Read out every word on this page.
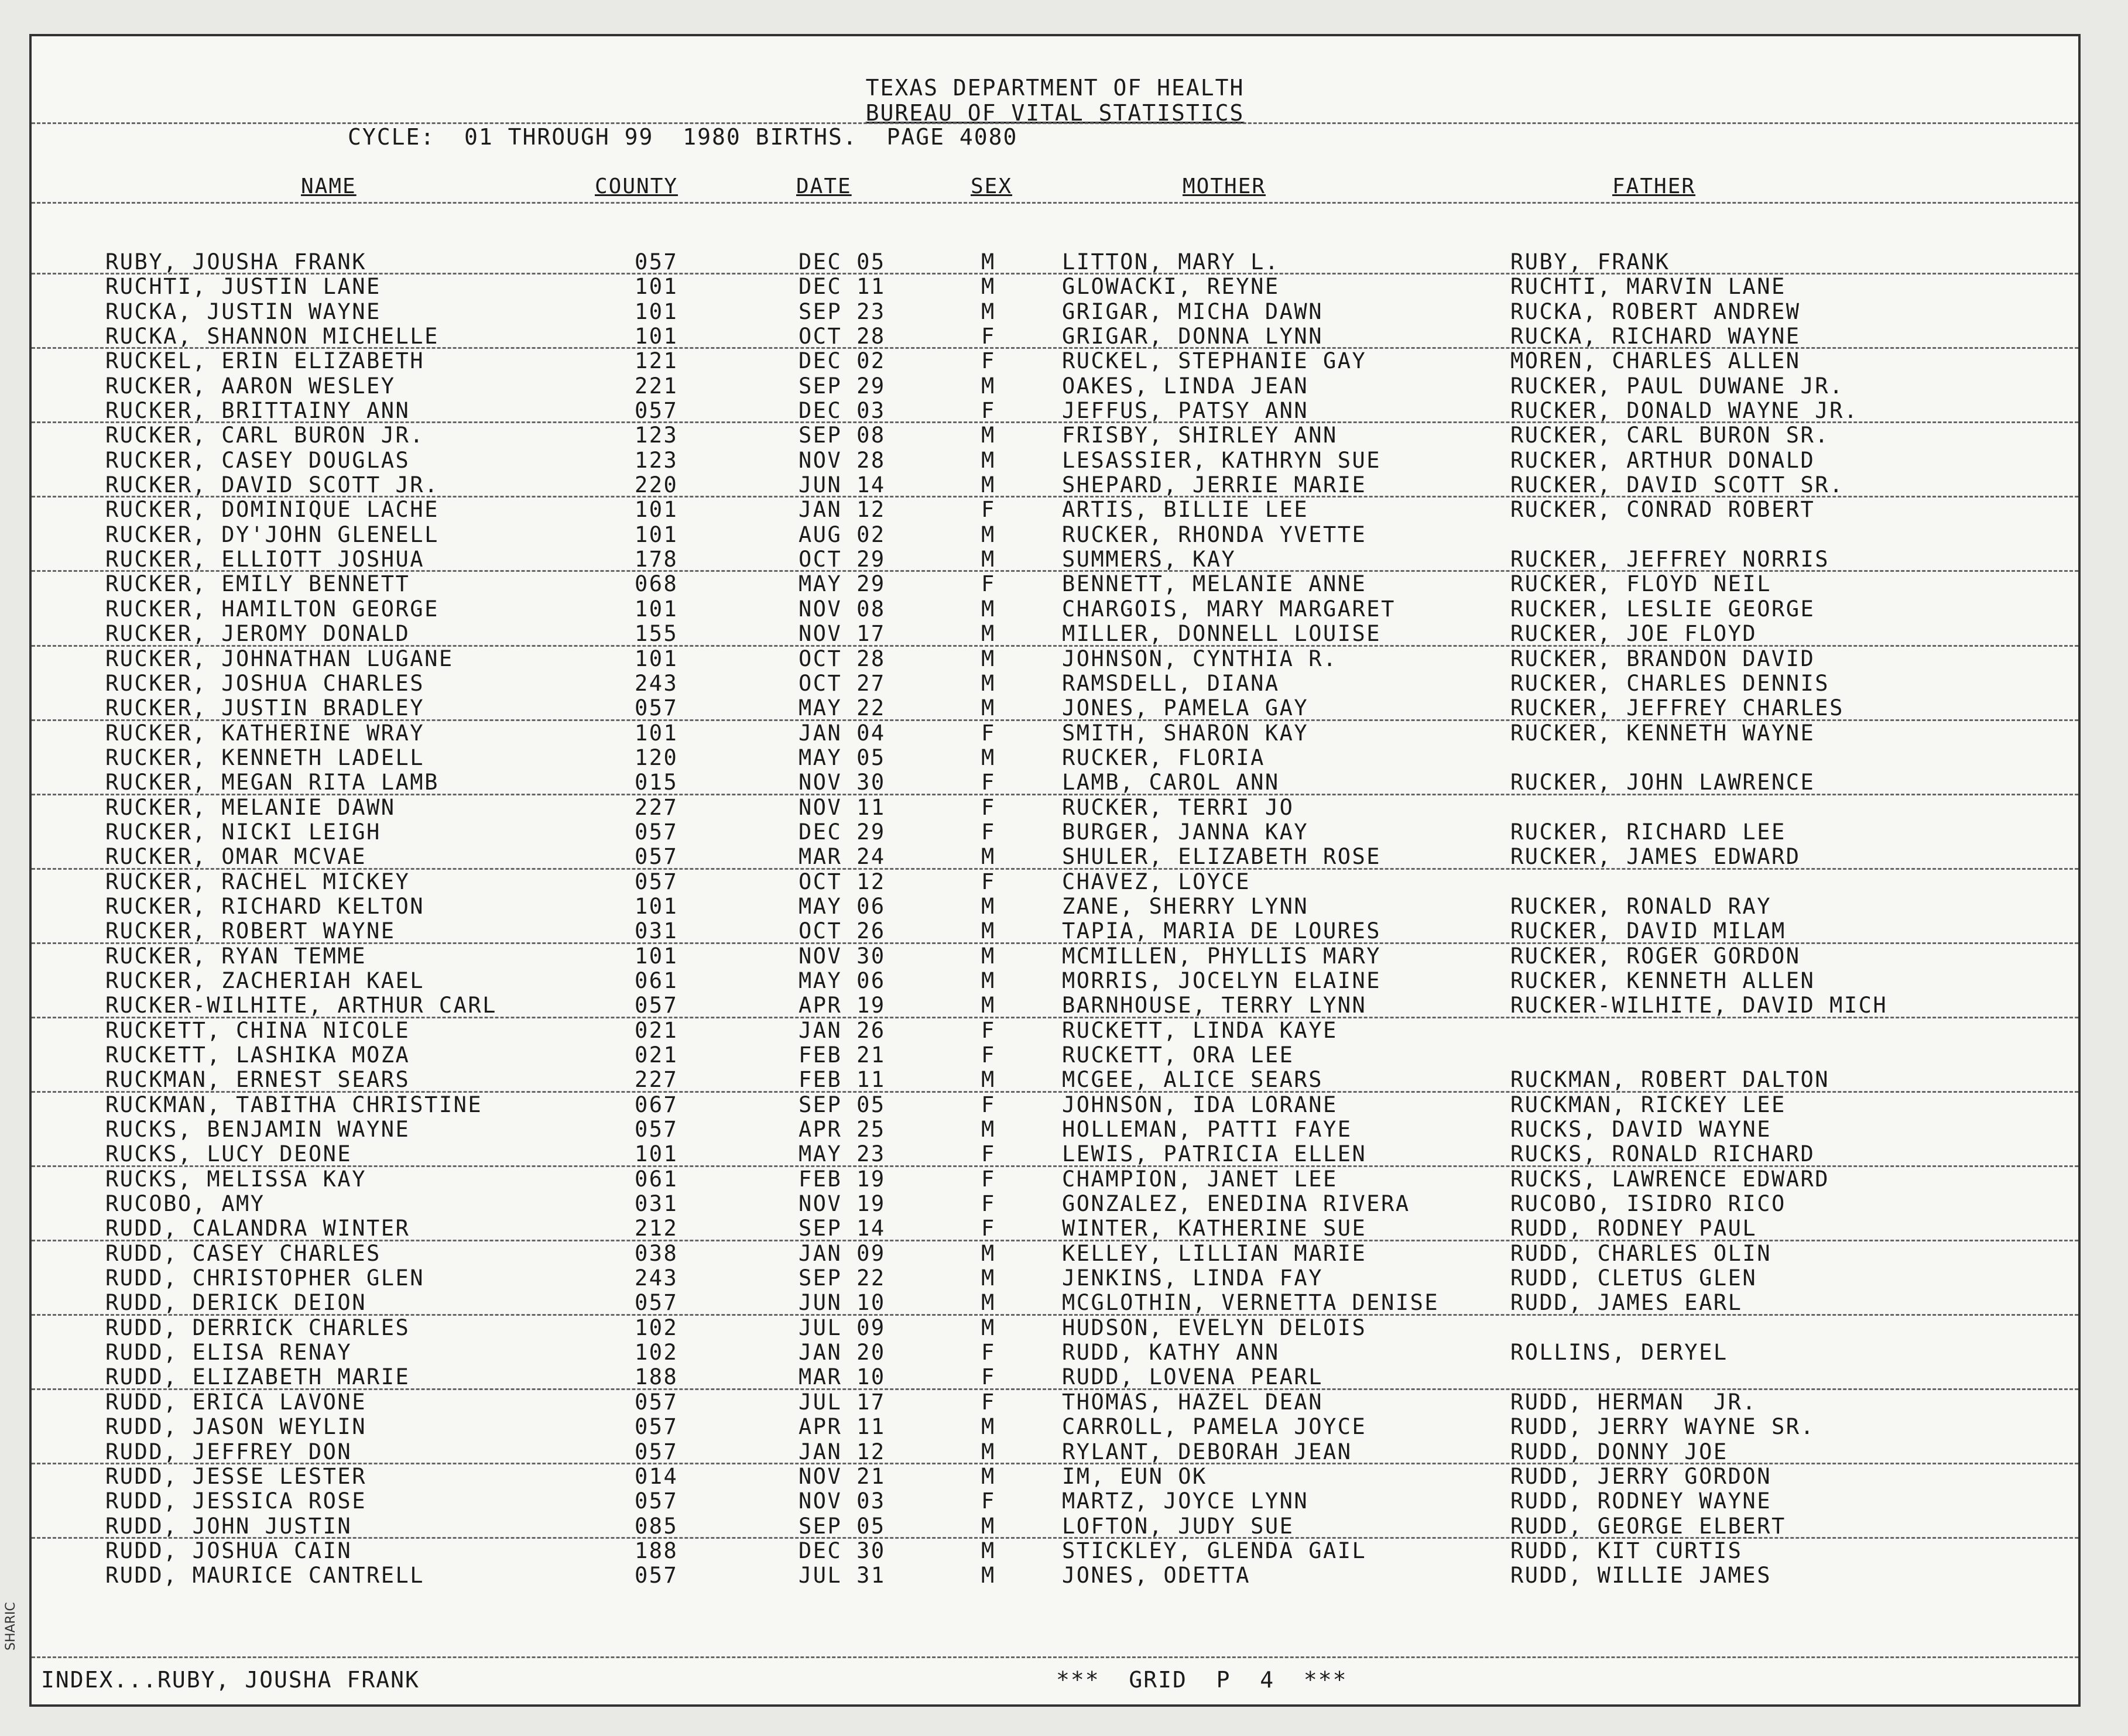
TEXAS DEPARTMENT OF HEALTH
BUREAU OF VITAL STATISTICS
CYCLE:  01 THROUGH 99  1980 BIRTHS.  PAGE 4080
NAME	COUNTY	DATE	SEX	MOTHER	FATHER
RUBY, JOUSHA FRANK	057	DEC 05	M	LITTON, MARY L.	RUBY, FRANK
RUCHTI, JUSTIN LANE	101	DEC 11	M	GLOWACKI, REYNE	RUCHTI, MARVIN LANE
RUCKA, JUSTIN WAYNE	101	SEP 23	M	GRIGAR, MICHA DAWN	RUCKA, ROBERT ANDREW
RUCKA, SHANNON MICHELLE	101	OCT 28	F	GRIGAR, DONNA LYNN	RUCKA, RICHARD WAYNE
RUCKEL, ERIN ELIZABETH	121	DEC 02	F	RUCKEL, STEPHANIE GAY	MOREN, CHARLES ALLEN
RUCKER, AARON WESLEY	221	SEP 29	M	OAKES, LINDA JEAN	RUCKER, PAUL DUWANE JR.
RUCKER, BRITTAINY ANN	057	DEC 03	F	JEFFUS, PATSY ANN	RUCKER, DONALD WAYNE JR.
RUCKER, CARL BURON JR.	123	SEP 08	M	FRISBY, SHIRLEY ANN	RUCKER, CARL BURON SR.
RUCKER, CASEY DOUGLAS	123	NOV 28	M	LESASSIER, KATHRYN SUE	RUCKER, ARTHUR DONALD
RUCKER, DAVID SCOTT JR.	220	JUN 14	M	SHEPARD, JERRIE MARIE	RUCKER, DAVID SCOTT SR.
RUCKER, DOMINIQUE LACHE	101	JAN 12	F	ARTIS, BILLIE LEE	RUCKER, CONRAD ROBERT
RUCKER, DY'JOHN GLENELL	101	AUG 02	M	RUCKER, RHONDA YVETTE
RUCKER, ELLIOTT JOSHUA	178	OCT 29	M	SUMMERS, KAY	RUCKER, JEFFREY NORRIS
RUCKER, EMILY BENNETT	068	MAY 29	F	BENNETT, MELANIE ANNE	RUCKER, FLOYD NEIL
RUCKER, HAMILTON GEORGE	101	NOV 08	M	CHARGOIS, MARY MARGARET	RUCKER, LESLIE GEORGE
RUCKER, JEROMY DONALD	155	NOV 17	M	MILLER, DONNELL LOUISE	RUCKER, JOE FLOYD
RUCKER, JOHNATHAN LUGANE	101	OCT 28	M	JOHNSON, CYNTHIA R.	RUCKER, BRANDON DAVID
RUCKER, JOSHUA CHARLES	243	OCT 27	M	RAMSDELL, DIANA	RUCKER, CHARLES DENNIS
RUCKER, JUSTIN BRADLEY	057	MAY 22	M	JONES, PAMELA GAY	RUCKER, JEFFREY CHARLES
RUCKER, KATHERINE WRAY	101	JAN 04	F	SMITH, SHARON KAY	RUCKER, KENNETH WAYNE
RUCKER, KENNETH LADELL	120	MAY 05	M	RUCKER, FLORIA
RUCKER, MEGAN RITA LAMB	015	NOV 30	F	LAMB, CAROL ANN	RUCKER, JOHN LAWRENCE
RUCKER, MELANIE DAWN	227	NOV 11	F	RUCKER, TERRI JO
RUCKER, NICKI LEIGH	057	DEC 29	F	BURGER, JANNA KAY	RUCKER, RICHARD LEE
RUCKER, OMAR MCVAE	057	MAR 24	M	SHULER, ELIZABETH ROSE	RUCKER, JAMES EDWARD
RUCKER, RACHEL MICKEY	057	OCT 12	F	CHAVEZ, LOYCE
RUCKER, RICHARD KELTON	101	MAY 06	M	ZANE, SHERRY LYNN	RUCKER, RONALD RAY
RUCKER, ROBERT WAYNE	031	OCT 26	M	TAPIA, MARIA DE LOURES	RUCKER, DAVID MILAM
RUCKER, RYAN TEMME	101	NOV 30	M	MCMILLEN, PHYLLIS MARY	RUCKER, ROGER GORDON
RUCKER, ZACHERIAH KAEL	061	MAY 06	M	MORRIS, JOCELYN ELAINE	RUCKER, KENNETH ALLEN
RUCKER-WILHITE, ARTHUR CARL	057	APR 19	M	BARNHOUSE, TERRY LYNN	RUCKER-WILHITE, DAVID MICH
RUCKETT, CHINA NICOLE	021	JAN 26	F	RUCKETT, LINDA KAYE
RUCKETT, LASHIKA MOZA	021	FEB 21	F	RUCKETT, ORA LEE
RUCKMAN, ERNEST SEARS	227	FEB 11	M	MCGEE, ALICE SEARS	RUCKMAN, ROBERT DALTON
RUCKMAN, TABITHA CHRISTINE	067	SEP 05	F	JOHNSON, IDA LORANE	RUCKMAN, RICKEY LEE
RUCKS, BENJAMIN WAYNE	057	APR 25	M	HOLLEMAN, PATTI FAYE	RUCKS, DAVID WAYNE
RUCKS, LUCY DEONE	101	MAY 23	F	LEWIS, PATRICIA ELLEN	RUCKS, RONALD RICHARD
RUCKS, MELISSA KAY	061	FEB 19	F	CHAMPION, JANET LEE	RUCKS, LAWRENCE EDWARD
RUCOBO, AMY	031	NOV 19	F	GONZALEZ, ENEDINA RIVERA	RUCOBO, ISIDRO RICO
RUDD, CALANDRA WINTER	212	SEP 14	F	WINTER, KATHERINE SUE	RUDD, RODNEY PAUL
RUDD, CASEY CHARLES	038	JAN 09	M	KELLEY, LILLIAN MARIE	RUDD, CHARLES OLIN
RUDD, CHRISTOPHER GLEN	243	SEP 22	M	JENKINS, LINDA FAY	RUDD, CLETUS GLEN
RUDD, DERICK DEION	057	JUN 10	M	MCGLOTHIN, VERNETTA DENISE	RUDD, JAMES EARL
RUDD, DERRICK CHARLES	102	JUL 09	M	HUDSON, EVELYN DELOIS
RUDD, ELISA RENAY	102	JAN 20	F	RUDD, KATHY ANN	ROLLINS, DERYEL
RUDD, ELIZABETH MARIE	188	MAR 10	F	RUDD, LOVENA PEARL
RUDD, ERICA LAVONE	057	JUL 17	F	THOMAS, HAZEL DEAN	RUDD, HERMAN  JR.
RUDD, JASON WEYLIN	057	APR 11	M	CARROLL, PAMELA JOYCE	RUDD, JERRY WAYNE SR.
RUDD, JEFFREY DON	057	JAN 12	M	RYLANT, DEBORAH JEAN	RUDD, DONNY JOE
RUDD, JESSE LESTER	014	NOV 21	M	IM, EUN OK	RUDD, JERRY GORDON
RUDD, JESSICA ROSE	057	NOV 03	F	MARTZ, JOYCE LYNN	RUDD, RODNEY WAYNE
RUDD, JOHN JUSTIN	085	SEP 05	M	LOFTON, JUDY SUE	RUDD, GEORGE ELBERT
RUDD, JOSHUA CAIN	188	DEC 30	M	STICKLEY, GLENDA GAIL	RUDD, KIT CURTIS
RUDD, MAURICE CANTRELL	057	JUL 31	M	JONES, ODETTA	RUDD, WILLIE JAMES
INDEX...RUBY, JOUSHA FRANK	***  GRID  P  4  ***
SHARIC
